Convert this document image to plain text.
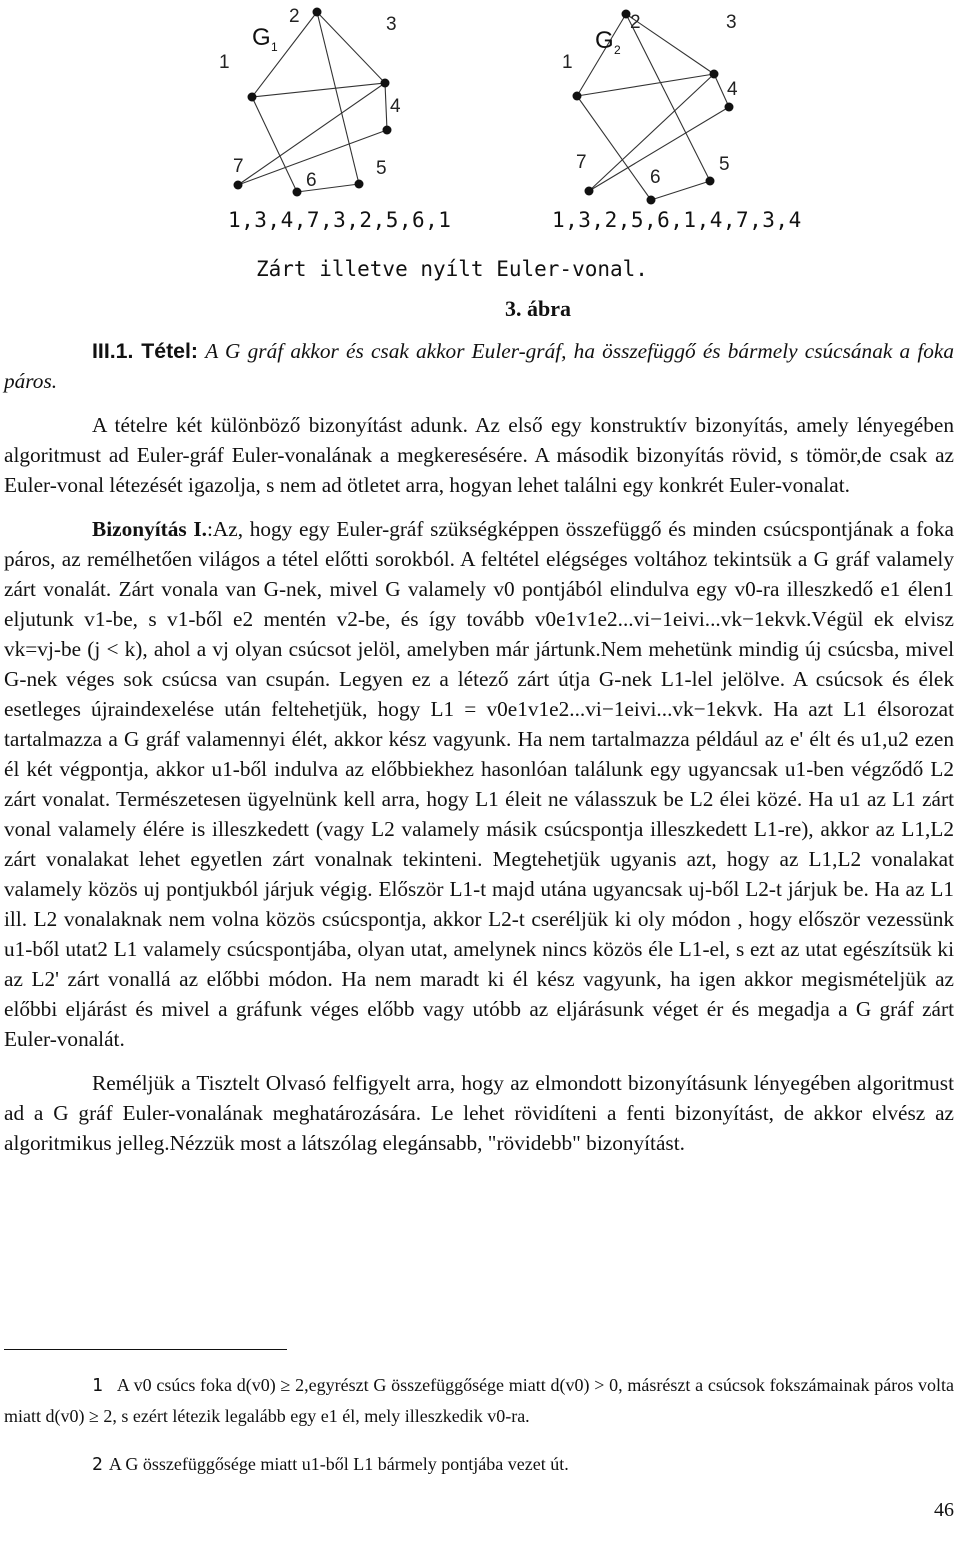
G 1
1
2	3
4
5
6
7
G 2
1
2	3
4
5
6
7
1,3,4,7,3,2,5,6,1	1,3,2,5,6,1,4,7,3,4
Zárt illetve nyílt Euler-vonal.
3. ábra

III.1. Tétel: A G gráf akkor és csak akkor Euler-gráf, ha összefüggő és bármely csúcsának a foka páros.

A tételre két különböző bizonyítást adunk. Az első egy konstruktív bizonyítás, amely lényegében algoritmust ad Euler-gráf Euler-vonalának a megkeresésére. A második bizonyítás rövid, s tömör,de csak az Euler-vonal létezését igazolja, s nem ad ötletet arra, hogyan lehet találni egy konkrét Euler-vonalat.

Bizonyítás I.:Az, hogy egy Euler-gráf szükségképpen összefüggő és minden csúcspontjának a foka páros, az remélhetően világos a tétel előtti sorokból. A feltétel elégséges voltához tekintsük a G gráf valamely zárt vonalát. Zárt vonala van G-nek, mivel G valamely v0 pontjából elindulva egy v0-ra illeszkedő e1 élen1 eljutunk v1-be, s v1-ből e2 mentén v2-be, és így tovább v0e1v1e2...vi−1eivi...vk−1ekvk.Végül ek elvisz vk=vj-be (j < k), ahol a vj olyan csúcsot jelöl, amelyben már jártunk.Nem mehetünk mindig új csúcsba, mivel G-nek véges sok csúcsa van csupán. Legyen ez a létező zárt útja G-nek L1-lel jelölve. A csúcsok és élek esetleges újraindexelése után feltehetjük, hogy L1 = v0e1v1e2...vi−1eivi...vk−1ekvk. Ha azt L1 élsorozat tartalmazza a G gráf valamennyi élét, akkor kész vagyunk. Ha nem tartalmazza például az e' élt és u1,u2 ezen él két végpontja, akkor u1-ből indulva az előbbiekhez hasonlóan találunk egy ugyancsak u1-ben végződő L2 zárt vonalat. Természetesen ügyelnünk kell arra, hogy L1 éleit ne válasszuk be L2 élei közé. Ha u1 az L1 zárt vonal valamely élére is illeszkedett (vagy L2 valamely másik csúcspontja illeszkedett L1-re), akkor az L1,L2 zárt vonalakat lehet egyetlen zárt vonalnak tekinteni. Megtehetjük ugyanis azt, hogy az L1,L2 vonalakat valamely közös uj pontjukból járjuk végig. Először L1-t majd utána ugyancsak uj-ből L2-t járjuk be. Ha az L1 ill. L2 vonalaknak nem volna közös csúcspontja, akkor L2-t cseréljük ki oly módon , hogy először vezessünk u1-ből utat2 L1 valamely csúcspontjába, olyan utat, amelynek nincs közös éle L1-el, s ezt az utat egészítsük ki az L2' zárt vonallá az előbbi módon. Ha nem maradt ki él kész vagyunk, ha igen akkor megismételjük az előbbi eljárást és mivel a gráfunk véges előbb vagy utóbb az eljárásunk véget ér és megadja a G gráf zárt Euler-vonalát.

Reméljük a Tisztelt Olvasó felfigyelt arra, hogy az elmondott bizonyításunk lényegében algoritmust ad a G gráf Euler-vonalának meghatározására. Le lehet rövidíteni a fenti bizonyítást, de akkor elvész az algoritmikus jelleg.Nézzük most a látszólag elegánsabb, "rövidebb" bizonyítást.

1 A v0 csúcs foka d(v0) ≥ 2,egyrészt G összefüggősége miatt d(v0) > 0, másrészt a csúcsok fokszámainak páros volta miatt d(v0) ≥ 2, s ezért létezik legalább egy e1 él, mely illeszkedik v0-ra.

2 A G összefüggősége miatt u1-ből L1 bármely pontjába vezet út.

46
